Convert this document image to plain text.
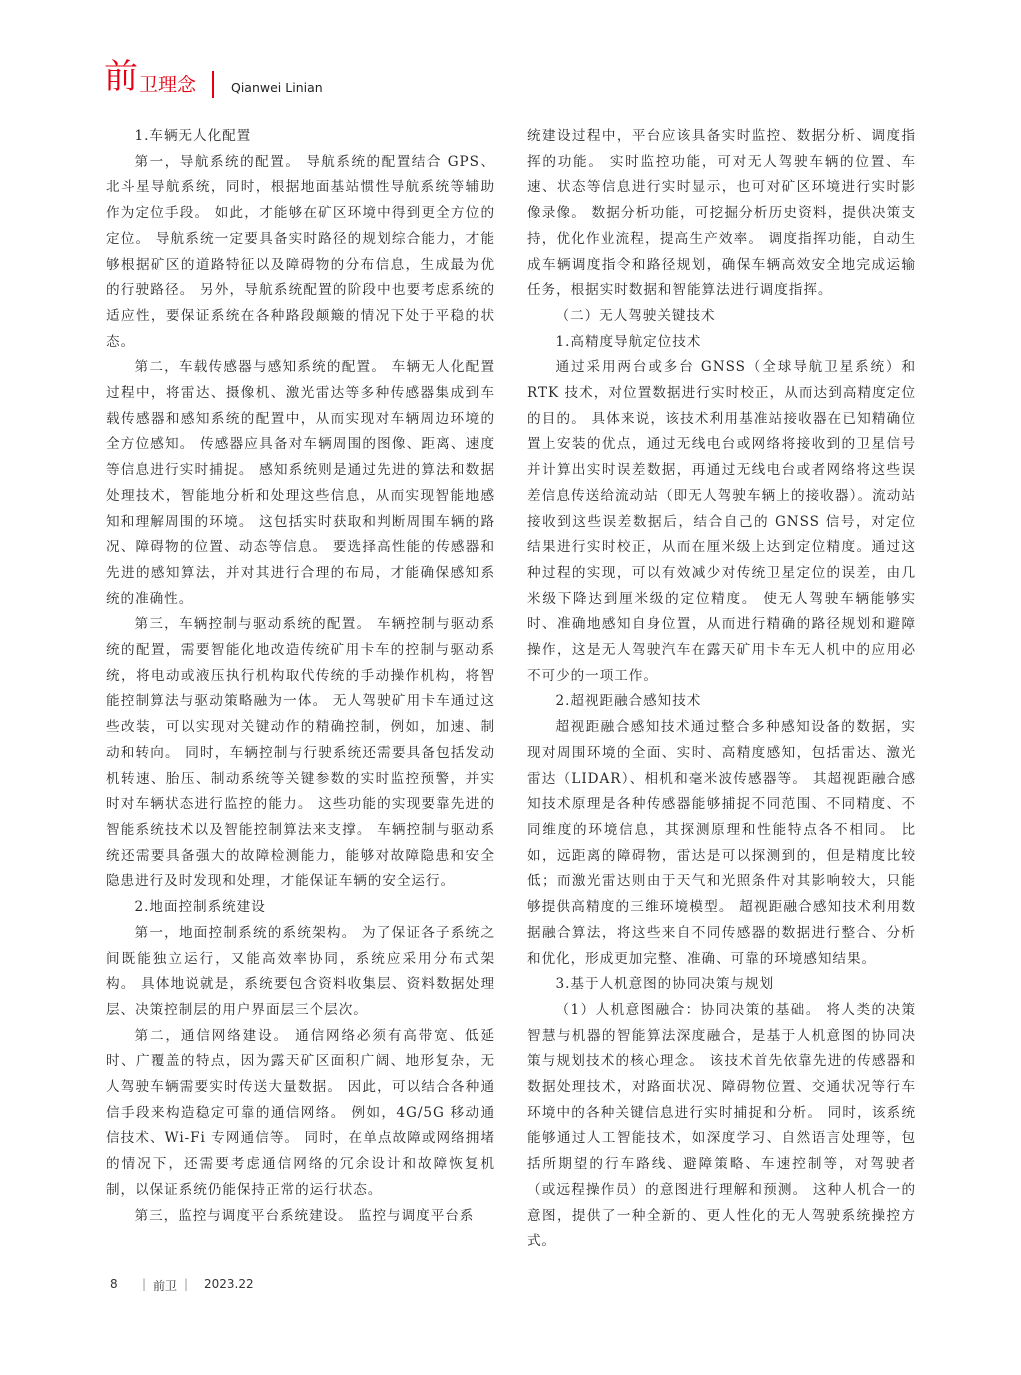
前 卫理念	Qianwei Linian

1.车辆无人化配置

第一，导航系统的配置。 导航系统的配置结合 GPS、北斗星导航系统，同时，根据地面基站惯性导航系统等辅助作为定位手段。 如此，才能够在矿区环境中得到更全方位的定位。 导航系统一定要具备实时路径的规划综合能力，才能够根据矿区的道路特征以及障碍物的分布信息，生成最为优的行驶路径。 另外，导航系统配置的阶段中也要考虑系统的适应性，要保证系统在各种路段颠簸的情况下处于平稳的状态。

第二，车载传感器与感知系统的配置。 车辆无人化配置过程中，将雷达、摄像机、激光雷达等多种传感器集成到车载传感器和感知系统的配置中，从而实现对车辆周边环境的全方位感知。 传感器应具备对车辆周围的图像、距离、速度等信息进行实时捕捉。 感知系统则是通过先进的算法和数据处理技术，智能地分析和处理这些信息，从而实现智能地感知和理解周围的环境。 这包括实时获取和判断周围车辆的路况、障碍物的位置、动态等信息。 要选择高性能的传感器和先进的感知算法，并对其进行合理的布局，才能确保感知系统的准确性。

第三，车辆控制与驱动系统的配置。 车辆控制与驱动系统的配置，需要智能化地改造传统矿用卡车的控制与驱动系统，将电动或液压执行机构取代传统的手动操作机构，将智能控制算法与驱动策略融为一体。 无人驾驶矿用卡车通过这些改装，可以实现对关键动作的精确控制，例如，加速、制动和转向。 同时，车辆控制与行驶系统还需要具备包括发动机转速、胎压、制动系统等关键参数的实时监控预警，并实时对车辆状态进行监控的能力。 这些功能的实现要靠先进的智能系统技术以及智能控制算法来支撑。 车辆控制与驱动系统还需要具备强大的故障检测能力，能够对故障隐患和安全隐患进行及时发现和处理，才能保证车辆的安全运行。

2.地面控制系统建设

第一，地面控制系统的系统架构。 为了保证各子系统之间既能独立运行，又能高效率协同，系统应采用分布式架构。 具体地说就是，系统要包含资料收集层、资料数据处理层、决策控制层的用户界面层三个层次。

第二，通信网络建设。 通信网络必须有高带宽、低延时、广覆盖的特点，因为露天矿区面积广阔、地形复杂，无人驾驶车辆需要实时传送大量数据。 因此，可以结合各种通信手段来构造稳定可靠的通信网络。 例如，4G/5G 移动通信技术、Wi-Fi 专网通信等。 同时，在单点故障或网络拥堵的情况下，还需要考虑通信网络的冗余设计和故障恢复机制，以保证系统仍能保持正常的运行状态。

第三，监控与调度平台系统建设。 监控与调度平台系

统建设过程中，平台应该具备实时监控、数据分析、调度指挥的功能。 实时监控功能，可对无人驾驶车辆的位置、车速、状态等信息进行实时显示，也可对矿区环境进行实时影像录像。 数据分析功能，可挖掘分析历史资料，提供决策支持，优化作业流程，提高生产效率。 调度指挥功能，自动生成车辆调度指令和路径规划，确保车辆高效安全地完成运输任务，根据实时数据和智能算法进行调度指挥。

（二）无人驾驶关键技术

1.高精度导航定位技术

通过采用两台或多台 GNSS（全球导航卫星系统）和 RTK 技术，对位置数据进行实时校正，从而达到高精度定位的目的。 具体来说，该技术利用基准站接收器在已知精确位置上安装的优点，通过无线电台或网络将接收到的卫星信号并计算出实时误差数据，再通过无线电台或者网络将这些误差信息传送给流动站（即无人驾驶车辆上的接收器）。流动站接收到这些误差数据后，结合自己的 GNSS 信号，对定位结果进行实时校正，从而在厘米级上达到定位精度。通过这种过程的实现，可以有效减少对传统卫星定位的误差，由几米级下降达到厘米级的定位精度。 使无人驾驶车辆能够实时、准确地感知自身位置，从而进行精确的路径规划和避障操作，这是无人驾驶汽车在露天矿用卡车无人机中的应用必不可少的一项工作。

2.超视距融合感知技术

超视距融合感知技术通过整合多种感知设备的数据，实现对周围环境的全面、实时、高精度感知，包括雷达、激光雷达（LIDAR）、相机和毫米波传感器等。 其超视距融合感知技术原理是各种传感器能够捕捉不同范围、不同精度、不同维度的环境信息，其探测原理和性能特点各不相同。 比如，远距离的障碍物，雷达是可以探测到的，但是精度比较低；而激光雷达则由于天气和光照条件对其影响较大，只能够提供高精度的三维环境模型。 超视距融合感知技术利用数据融合算法，将这些来自不同传感器的数据进行整合、分析和优化，形成更加完整、准确、可靠的环境感知结果。

3.基于人机意图的协同决策与规划

（1）人机意图融合：协同决策的基础。 将人类的决策智慧与机器的智能算法深度融合，是基于人机意图的协同决策与规划技术的核心理念。 该技术首先依靠先进的传感器和数据处理技术，对路面状况、障碍物位置、交通状况等行车环境中的各种关键信息进行实时捕捉和分析。 同时，该系统能够通过人工智能技术，如深度学习、自然语言处理等，包括所期望的行车路线、避障策略、车速控制等，对驾驶者（或远程操作员）的意图进行理解和预测。 这种人机合一的意图，提供了一种全新的、更人性化的无人驾驶系统操控方式。

8 | 前卫 | 2023.22
